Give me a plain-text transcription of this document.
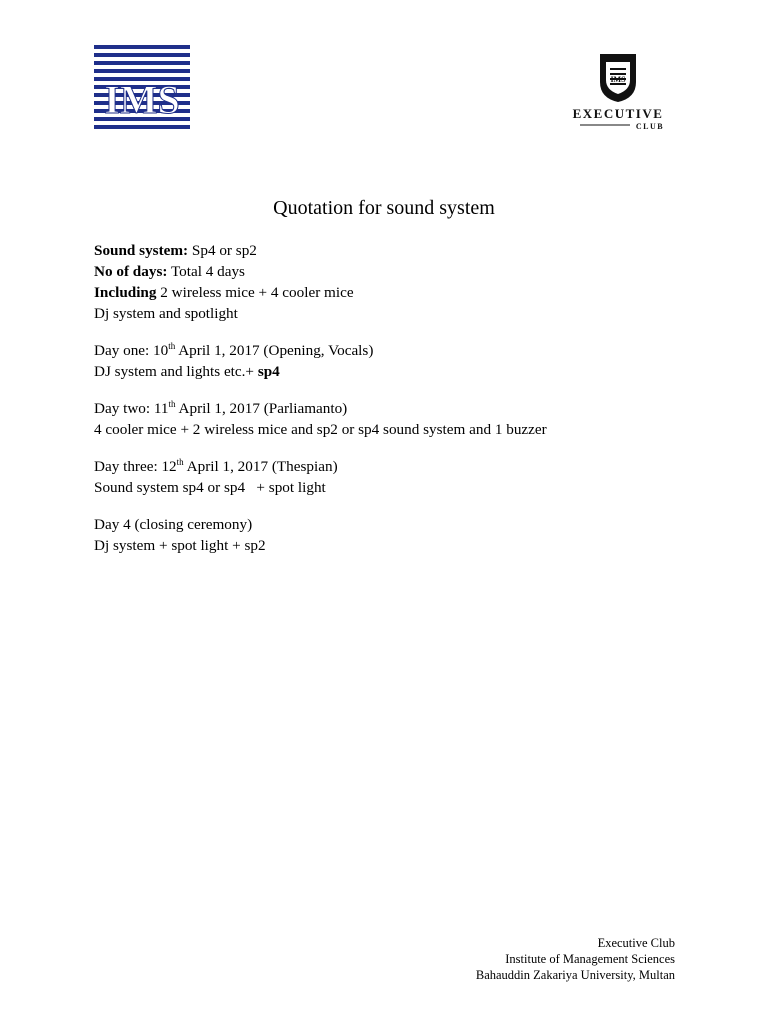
IMS	IMS
EXECUTIVE
CLUB
Quotation for sound system

Sound system: Sp4 or sp2

No of days: Total 4 days

Including 2 wireless mice + 4 cooler mice

Dj system and spotlight

Day one: 10th April 1, 2017 (Opening, Vocals)

DJ system and lights etc.+ sp4

Day two: 11th April 1, 2017 (Parliamanto)

4 cooler mice + 2 wireless mice and sp2 or sp4 sound system and 1 buzzer

Day three: 12th April 1, 2017 (Thespian)

Sound system sp4 or sp4   + spot light

Day 4 (closing ceremony)

Dj system + spot light + sp2

Executive Club
Institute of Management Sciences
Bahauddin Zakariya University, Multan
